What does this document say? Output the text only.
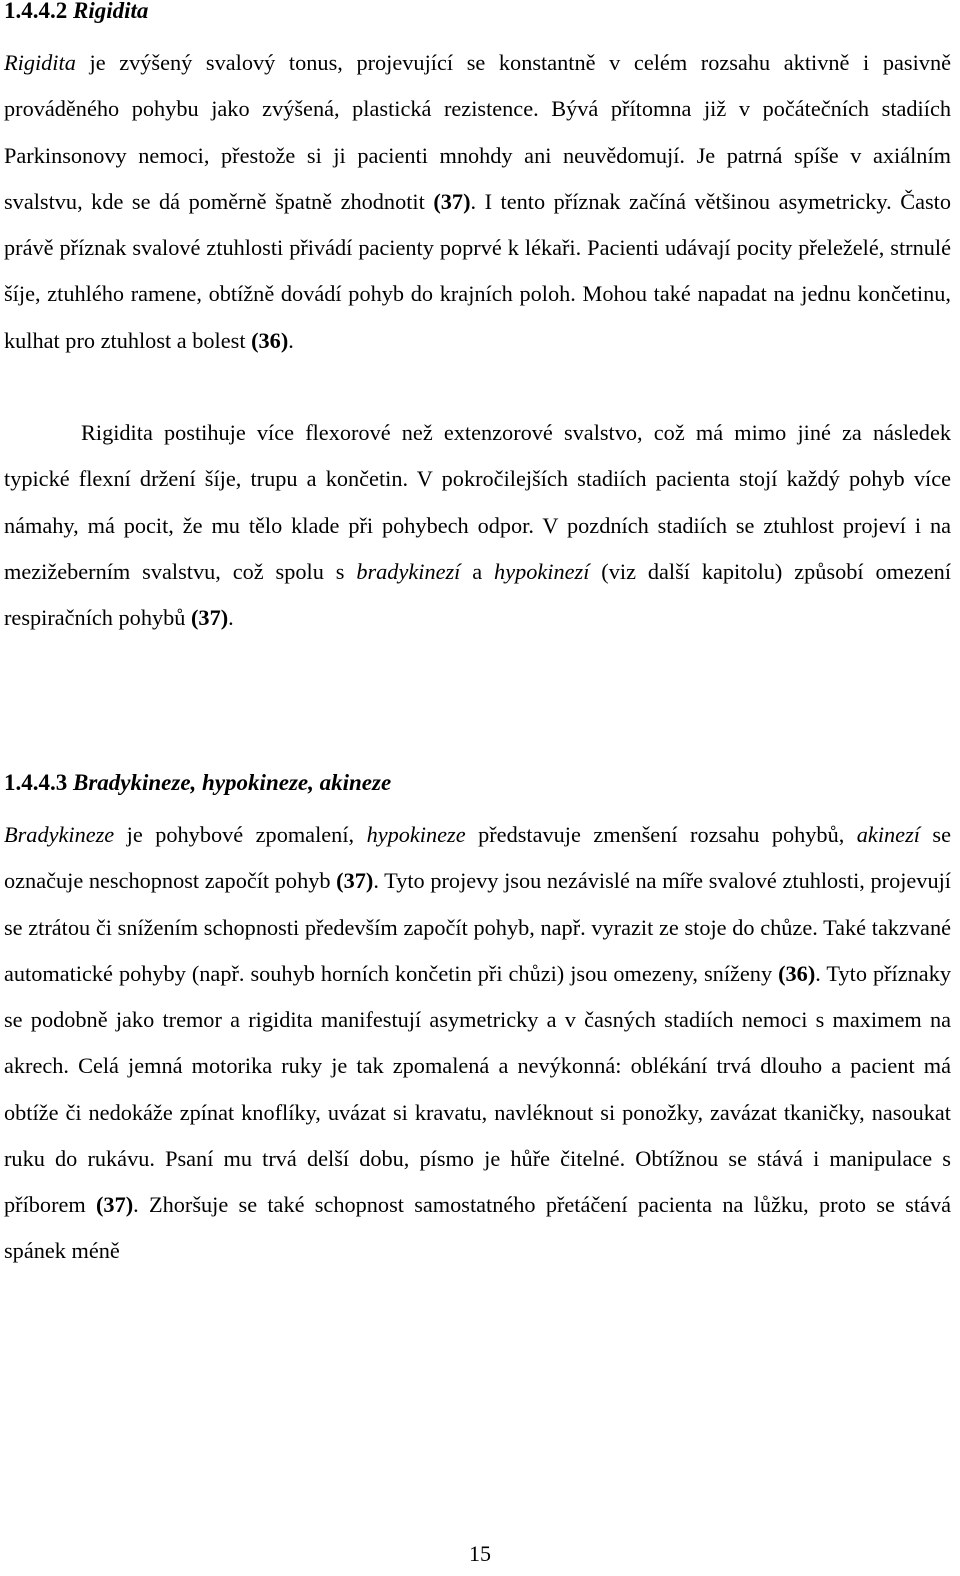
1.4.4.2 Rigidita

Rigidita je zvýšený svalový tonus, projevující se konstantně v celém rozsahu aktivně i pasivně prováděného pohybu jako zvýšená, plastická rezistence. Bývá přítomna již v počátečních stadiích Parkinsonovy nemoci, přestože si ji pacienti mnohdy ani neuvědomují. Je patrná spíše v axiálním svalstvu, kde se dá poměrně špatně zhodnotit (37). I tento příznak začíná většinou asymetricky. Často právě příznak svalové ztuhlosti přivádí pacienty poprvé k lékaři. Pacienti udávají pocity přeleželé, strnulé šíje, ztuhlého ramene, obtížně dovádí pohyb do krajních poloh. Mohou také napadat na jednu končetinu, kulhat pro ztuhlost a bolest (36).

Rigidita postihuje více flexorové než extenzorové svalstvo, což má mimo jiné za následek typické flexní držení šíje, trupu a končetin. V pokročilejších stadiích pacienta stojí každý pohyb více námahy, má pocit, že mu tělo klade při pohybech odpor. V pozdních stadiích se ztuhlost projeví i na mezižeberním svalstvu, což spolu s bradykinezí a hypokinezí (viz další kapitolu) způsobí omezení respiračních pohybů (37).

1.4.4.3 Bradykineze, hypokineze, akineze

Bradykineze je pohybové zpomalení, hypokineze představuje zmenšení rozsahu pohybů, akinezí se označuje neschopnost započít pohyb (37). Tyto projevy jsou nezávislé na míře svalové ztuhlosti, projevují se ztrátou či snížením schopnosti především započít pohyb, např. vyrazit ze stoje do chůze. Také takzvané automatické pohyby (např. souhyb horních končetin při chůzi) jsou omezeny, sníženy (36). Tyto příznaky se podobně jako tremor a rigidita manifestují asymetricky a v časných stadiích nemoci s maximem na akrech. Celá jemná motorika ruky je tak zpomalená a nevýkonná: oblékání trvá dlouho a pacient má obtíže či nedokáže zpínat knoflíky, uvázat si kravatu, navléknout si ponožky, zavázat tkaničky, nasoukat ruku do rukávu. Psaní mu trvá delší dobu, písmo je hůře čitelné. Obtížnou se stává i manipulace s příborem (37). Zhoršuje se také schopnost samostatného přetáčení pacienta na lůžku, proto se stává spánek méně

15
